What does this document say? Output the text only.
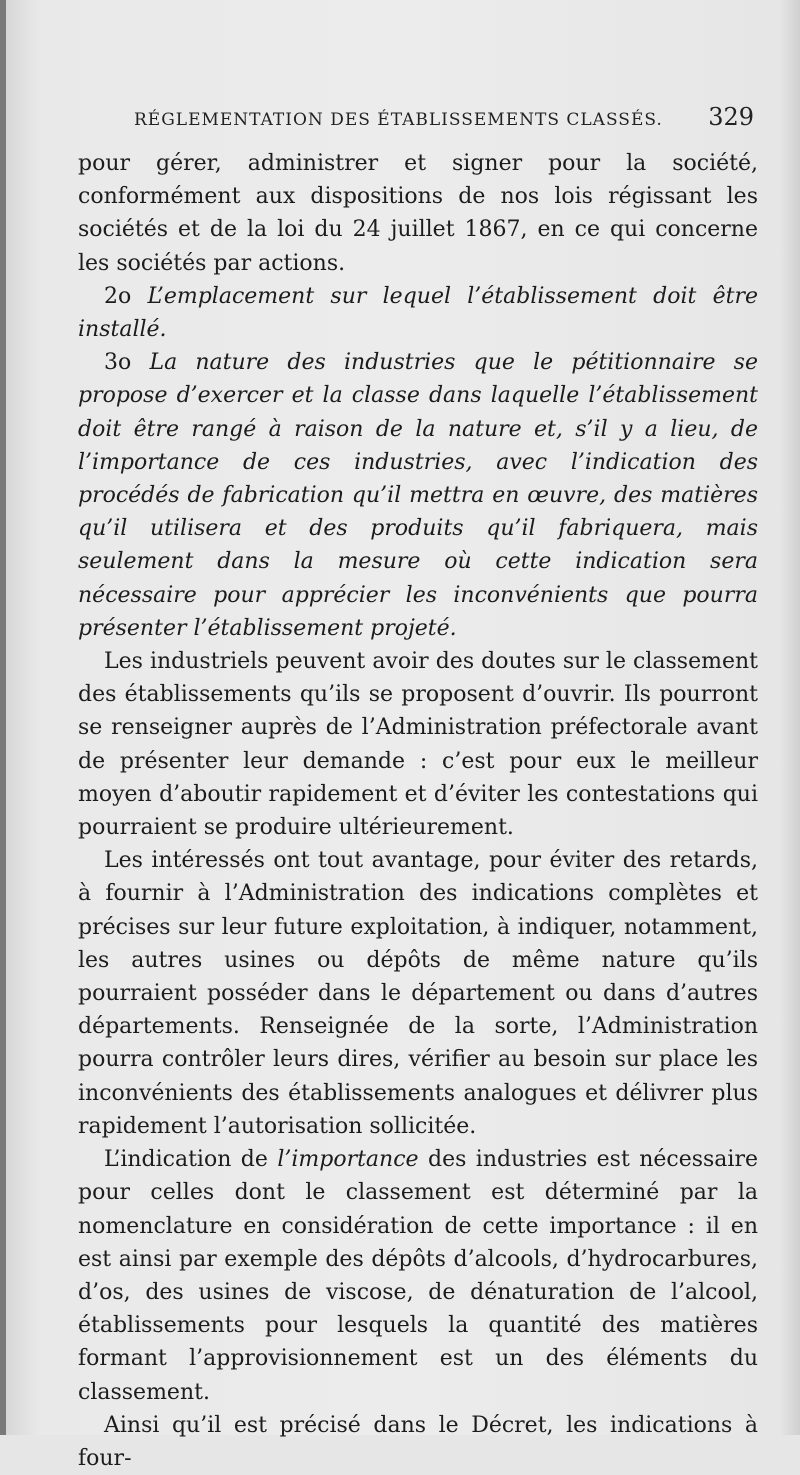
RÉGLEMENTATION DES ÉTABLISSEMENTS CLASSÉS. 329

pour gérer, administrer et signer pour la société, conformément aux dispositions de nos lois régissant les sociétés et de la loi du 24 juillet 1867, en ce qui concerne les sociétés par actions.

2o L’emplacement sur lequel l’établissement doit être installé.

3o La nature des industries que le pétitionnaire se propose d’exercer et la classe dans laquelle l’établissement doit être rangé à raison de la nature et, s’il y a lieu, de l’importance de ces industries, avec l’indication des procédés de fabrication qu’il mettra en œuvre, des matières qu’il utilisera et des produits qu’il fabriquera, mais seulement dans la mesure où cette indication sera nécessaire pour apprécier les inconvénients que pourra présenter l’établissement projeté.

Les industriels peuvent avoir des doutes sur le classement des établissements qu’ils se proposent d’ouvrir. Ils pourront se renseigner auprès de l’Administration préfectorale avant de présenter leur demande : c’est pour eux le meilleur moyen d’aboutir rapidement et d’éviter les contestations qui pourraient se produire ultérieurement.

Les intéressés ont tout avantage, pour éviter des retards, à fournir à l’Administration des indications complètes et précises sur leur future exploitation, à indiquer, notamment, les autres usines ou dépôts de même nature qu’ils pourraient posséder dans le département ou dans d’autres départements. Renseignée de la sorte, l’Administration pourra contrôler leurs dires, vérifier au besoin sur place les inconvénients des établissements analogues et délivrer plus rapidement l’autorisation sollicitée.

L’indication de l’importance des industries est nécessaire pour celles dont le classement est déterminé par la nomenclature en considération de cette importance : il en est ainsi par exemple des dépôts d’alcools, d’hydrocarbures, d’os, des usines de viscose, de dénaturation de l’alcool, établissements pour lesquels la quantité des matières formant l’approvisionnement est un des éléments du classement.

Ainsi qu’il est précisé dans le Décret, les indications à four-
